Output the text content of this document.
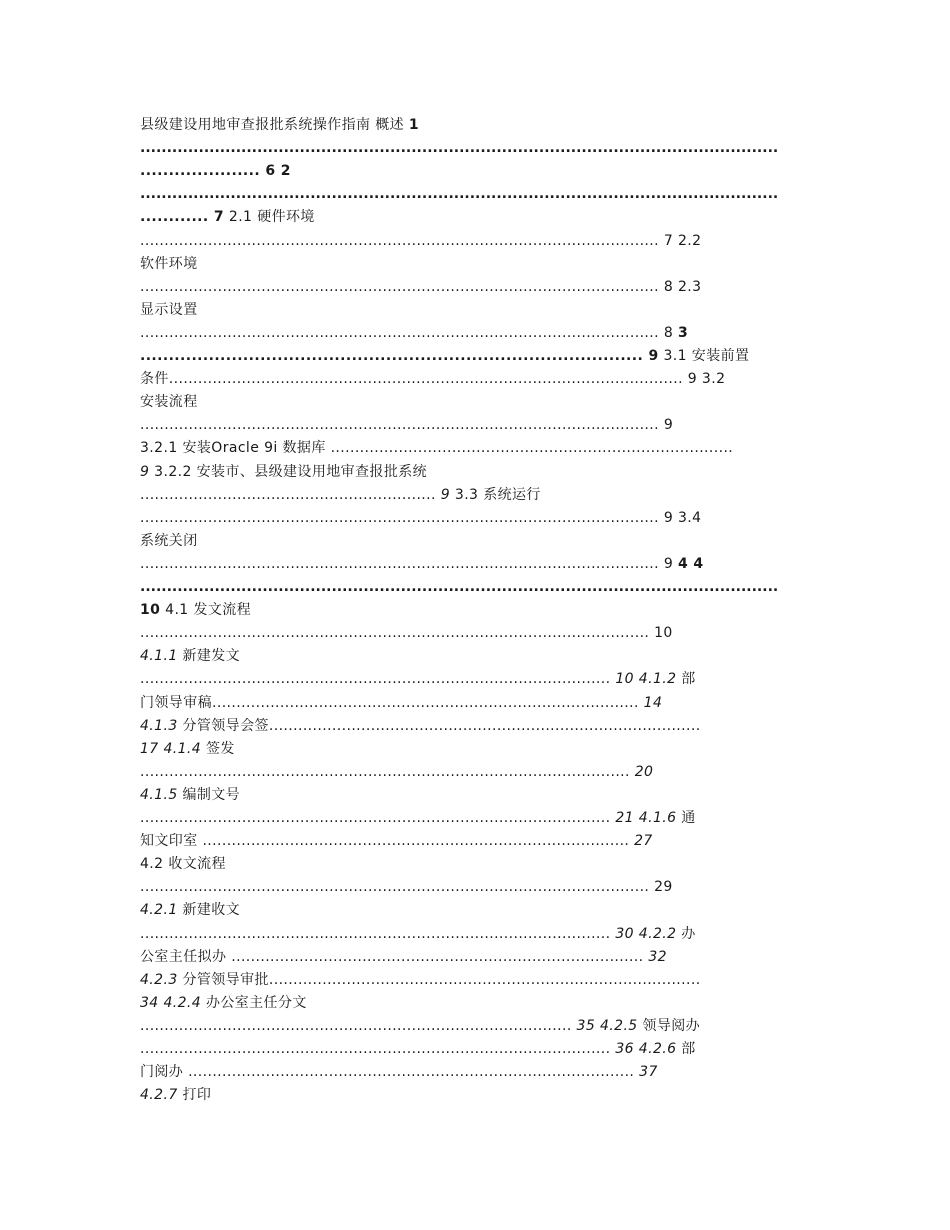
县级建设用地审查报批系统操作指南 概述 1
........................................................................................................................
..................... 6 2
........................................................................................................................
............ 7 2.1 硬件环境
........................................................................................................... 7 2.2
软件环境
........................................................................................................... 8 2.3
显示设置
........................................................................................................... 8 3
........................................................................................ 9 3.1 安装前置
条件.......................................................................................................... 9 3.2
安装流程
........................................................................................................... 9
3.2.1 安装Oracle 9i 数据库 ...................................................................................
9 3.2.2 安装市、县级建设用地审查报批系统
............................................................. 9 3.3 系统运行
........................................................................................................... 9 3.4
系统关闭
........................................................................................................... 9 4 4
........................................................................................................................
10 4.1 发文流程
......................................................................................................... 10
4.1.1 新建发文
................................................................................................. 10 4.1.2 部
门领导审稿........................................................................................ 14
4.1.3 分管领导会签.........................................................................................
17 4.1.4 签发
..................................................................................................... 20
4.1.5 编制文号
................................................................................................. 21 4.1.6 通
知文印室 ........................................................................................ 27
4.2 收文流程
......................................................................................................... 29
4.2.1 新建收文
................................................................................................. 30 4.2.2 办
公室主任拟办 ..................................................................................... 32
4.2.3 分管领导审批.........................................................................................
34 4.2.4 办公室主任分文
......................................................................................... 35 4.2.5 领导阅办
................................................................................................. 36 4.2.6 部
门阅办 ............................................................................................ 37
4.2.7 打印
